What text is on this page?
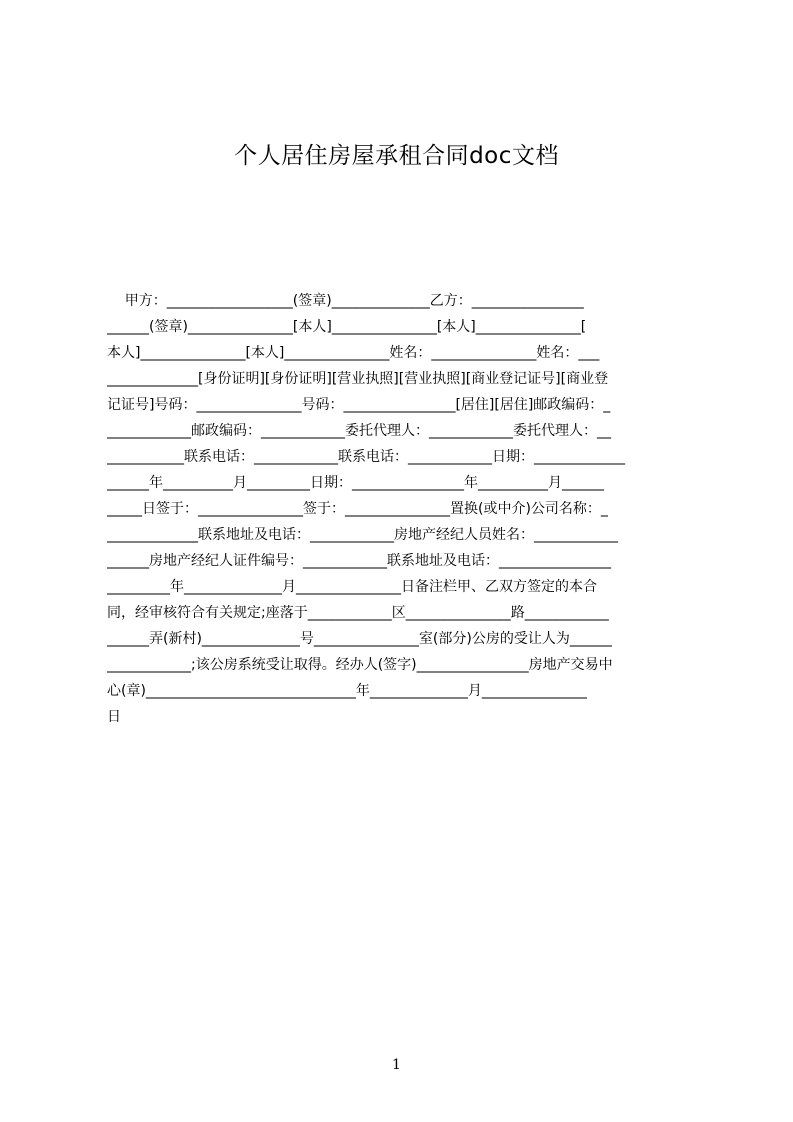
个人居住房屋承租合同doc文档
甲方：__________________(签章)______________乙方：________________
______(签章)_______________[本人]_______________[本人]_______________[
本人]_______________[本人]_______________姓名：_______________姓名：___
_____________[身份证明][身份证明][营业执照][营业执照][商业登记证号][商业登
记证号]号码：_______________号码：________________[居住][居住]邮政编码：_
____________邮政编码：____________委托代理人：____________委托代理人：__
___________联系电话：____________联系电话：____________日期：_____________
______年__________月_________日期：________________年__________月______
_____日签于：_______________签于：_______________置换(或中介)公司名称：_
_____________联系地址及电话：____________房地产经纪人员姓名：____________
______房地产经纪人证件编号：____________联系地址及电话：________________
_________年______________月_______________日备注栏甲、乙双方签定的本合
同，经审核符合有关规定;座落于____________区_______________路____________
______弄(新村)______________号_______________室(部分)公房的受让人为______
____________;该公房系统受让取得。经办人(签字)________________房地产交易中
心(章)______________________________年______________月_______________
日
1
